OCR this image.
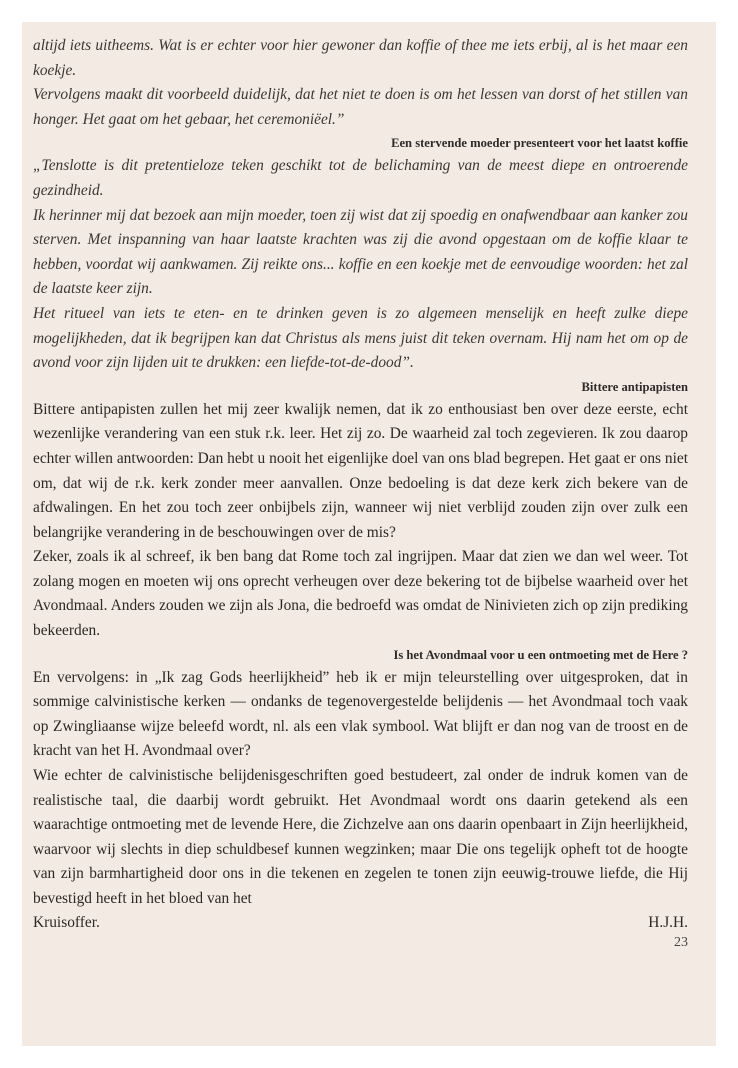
altijd iets uitheems. Wat is er echter voor hier gewoner dan koffie of thee me iets erbij, al is het maar een koekje.

Vervolgens maakt dit voorbeeld duidelijk, dat het niet te doen is om het lessen van dorst of het stillen van honger. Het gaat om het gebaar, het ceremoniëel.”

Een stervende moeder presenteert voor het laatst koffie

„Tenslotte is dit pretentieloze teken geschikt tot de belichaming van de meest diepe en ontroerende gezindheid.

Ik herinner mij dat bezoek aan mijn moeder, toen zij wist dat zij spoedig en onafwendbaar aan kanker zou sterven. Met inspanning van haar laatste krachten was zij die avond opgestaan om de koffie klaar te hebben, voordat wij aankwamen. Zij reikte ons... koffie en een koekje met de eenvoudige woorden: het zal de laatste keer zijn.

Het ritueel van iets te eten- en te drinken geven is zo algemeen menselijk en heeft zulke diepe mogelijkheden, dat ik begrijpen kan dat Christus als mens juist dit teken overnam. Hij nam het om op de avond voor zijn lijden uit te drukken: een liefde-tot-de-dood”.

Bittere antipapisten

Bittere antipapisten zullen het mij zeer kwalijk nemen, dat ik zo enthousiast ben over deze eerste, echt wezenlijke verandering van een stuk r.k. leer. Het zij zo. De waarheid zal toch zegevieren. Ik zou daarop echter willen antwoorden: Dan hebt u nooit het eigenlijke doel van ons blad begrepen. Het gaat er ons niet om, dat wij de r.k. kerk zonder meer aanvallen. Onze bedoeling is dat deze kerk zich bekere van de afdwalingen. En het zou toch zeer onbijbels zijn, wanneer wij niet verblijd zouden zijn over zulk een belangrijke verandering in de beschouwingen over de mis?

Zeker, zoals ik al schreef, ik ben bang dat Rome toch zal ingrijpen. Maar dat zien we dan wel weer. Tot zolang mogen en moeten wij ons oprecht verheugen over deze bekering tot de bijbelse waarheid over het Avondmaal. Anders zouden we zijn als Jona, die bedroefd was omdat de Ninivieten zich op zijn prediking bekeerden.

Is het Avondmaal voor u een ontmoeting met de Here ?

En vervolgens: in „Ik zag Gods heerlijkheid” heb ik er mijn teleurstelling over uitgesproken, dat in sommige calvinistische kerken — ondanks de tegenovergestelde belijdenis — het Avondmaal toch vaak op Zwingliaanse wijze beleefd wordt, nl. als een vlak symbool. Wat blijft er dan nog van de troost en de kracht van het H. Avondmaal over?

Wie echter de calvinistische belijdenisgeschriften goed bestudeert, zal onder de indruk komen van de realistische taal, die daarbij wordt gebruikt. Het Avondmaal wordt ons daarin getekend als een waarachtige ontmoeting met de levende Here, die Zichzelve aan ons daarin openbaart in Zijn heerlijkheid, waarvoor wij slechts in diep schuldbesef kunnen wegzinken; maar Die ons tegelijk opheft tot de hoogte van zijn barmhartigheid door ons in die tekenen en zegelen te tonen zijn eeuwig-trouwe liefde, die Hij bevestigd heeft in het bloed van het

Kruisoffer.	H.J.H.
23
